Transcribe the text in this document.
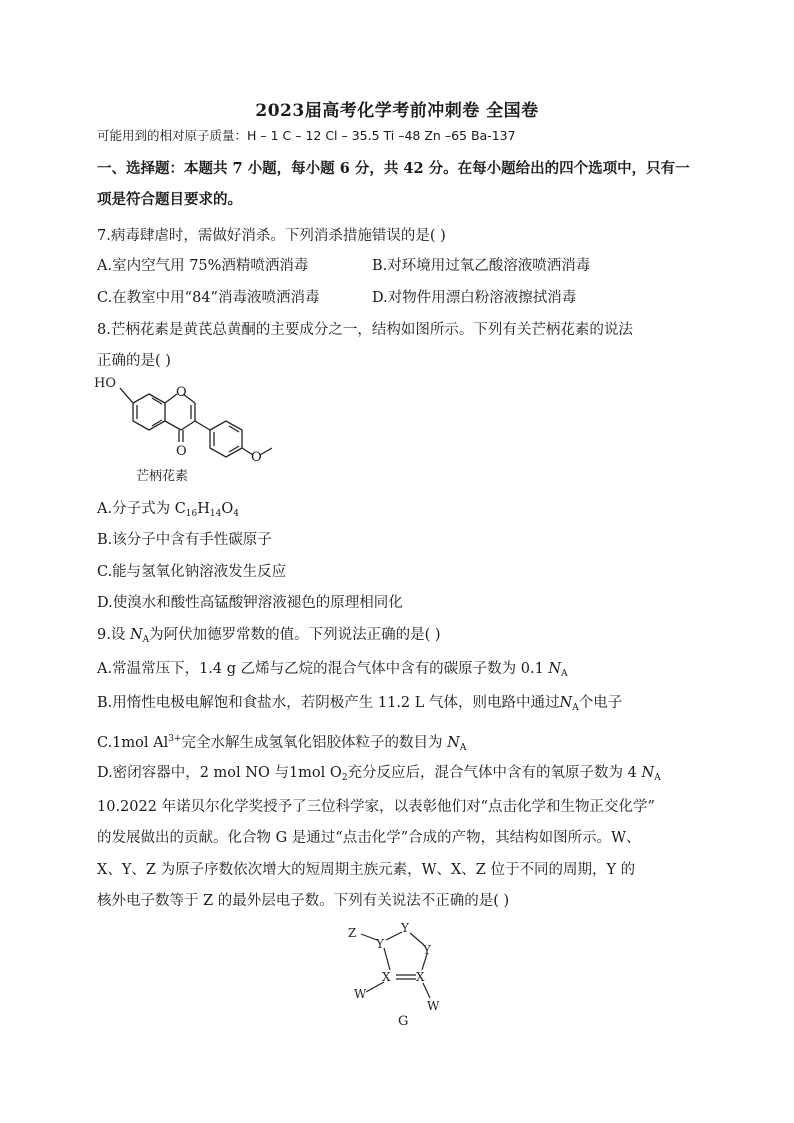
2023届高考化学考前冲刺卷 全国卷
可能用到的相对原子质量：H – 1 C – 12 Cl – 35.5 Ti –48 Zn –65 Ba-137
一、选择题：本题共 7 小题，每小题 6 分，共 42 分。在每小题给出的四个选项中，只有一项是符合题目要求的。
7.病毒肆虐时，需做好消杀。下列消杀措施错误的是( )
A.室内空气用 75%酒精喷洒消毒	B.对环境用过氧乙酸溶液喷洒消毒
C.在教室中用“84”消毒液喷洒消毒	D.对物件用漂白粉溶液擦拭消毒
8.芒柄花素是黄芪总黄酮的主要成分之一，结构如图所示。下列有关芒柄花素的说法
正确的是( )
HO
O
O	O
芒柄花素
A.分子式为 $C_{16}H_{14}O_4$
B.该分子中含有手性碳原子
C.能与氢氧化钠溶液发生反应
D.使溴水和酸性高锰酸钾溶液褪色的原理相同化
9.设 $N_A$为阿伏加德罗常数的值。下列说法正确的是( )
A.常温常压下，1.4 g 乙烯与乙烷的混合气体中含有的碳原子数为 0.1 $N_A$
B.用惰性电极电解饱和食盐水，若阴极产生 11.2 L 气体，则电路中通过$N_A$个电子
C.1mol $Al^{3+}$完全水解生成氢氧化铝胶体粒子的数目为 $N_A$
D.密闭容器中，2 mol NO 与1mol $O_2$充分反应后，混合气体中含有的氧原子数为 4 $N_A$
10.2022 年诺贝尔化学奖授予了三位科学家，以表彰他们对“点击化学和生物正交化学”
的发展做出的贡献。化合物 G 是通过“点击化学”合成的产物，其结构如图所示。W、
X、Y、Z 为原子序数依次增大的短周期主族元素，W、X、Z 位于不同的周期，Y 的
核外电子数等于 Z 的最外层电子数。下列有关说法不正确的是( )
Z
Y
Y
Y
X X
W
W
G
